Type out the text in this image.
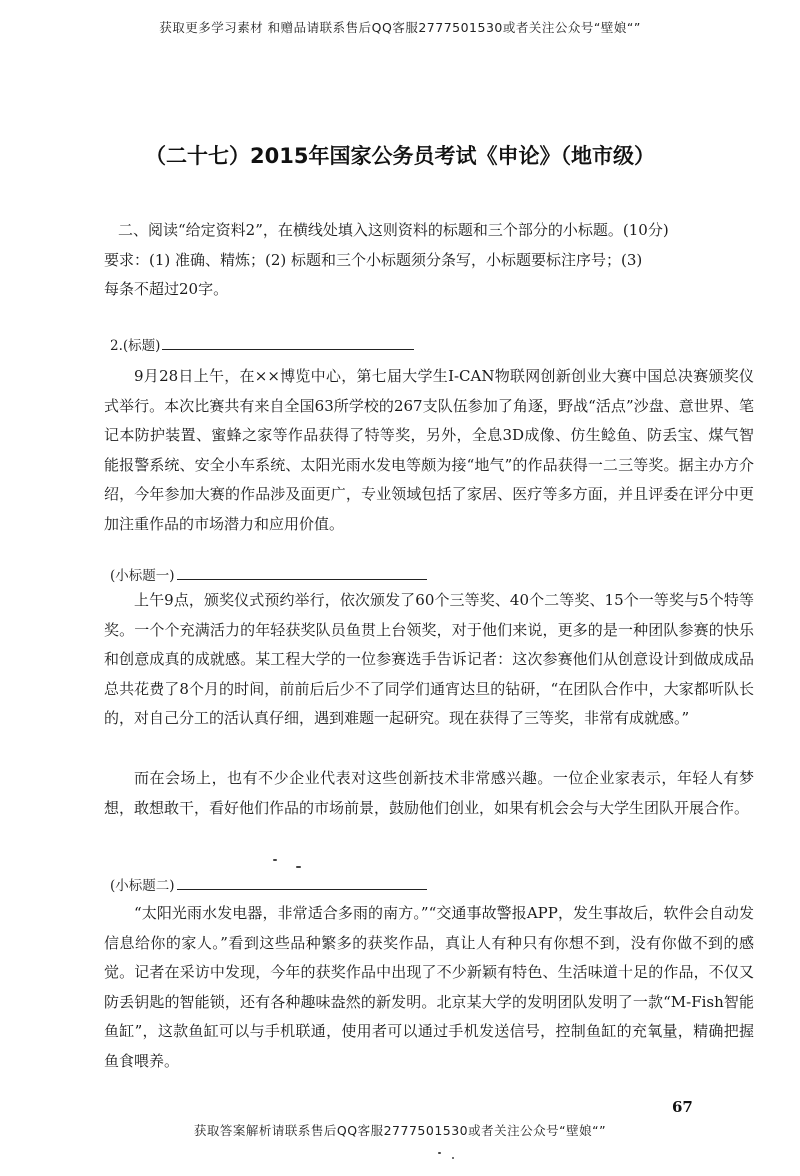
获取更多学习素材 和赠品请联系售后QQ客服2777501530或者关注公众号“壁娘“”
（二十七）2015年国家公务员考试《申论》（地市级）
二、阅读“给定资料2”，在横线处填入这则资料的标题和三个部分的小标题。(10分)
要求：(1) 准确、精炼；(2) 标题和三个小标题须分条写，小标题要标注序号；(3)
每条不超过20字。
2.(标题)
9月28日上午，在××博览中心，第七届大学生I-CAN物联网创新创业大赛中国总决赛颁奖仪式举行。本次比赛共有来自全国63所学校的267支队伍参加了角逐，野战“活点”沙盘、意世界、笔记本防护装置、蜜蜂之家等作品获得了特等奖，另外，全息3D成像、仿生鲶鱼、防丢宝、煤气智能报警系统、安全小车系统、太阳光雨水发电等颇为接“地气”的作品获得一二三等奖。据主办方介绍，今年参加大赛的作品涉及面更广，专业领域包括了家居、医疗等多方面，并且评委在评分中更加注重作品的市场潜力和应用价值。
(小标题一)
上午9点，颁奖仪式预约举行，依次颁发了60个三等奖、40个二等奖、15个一等奖与5个特等奖。一个个充满活力的年轻获奖队员鱼贯上台领奖，对于他们来说，更多的是一种团队参赛的快乐和创意成真的成就感。某工程大学的一位参赛选手告诉记者：这次参赛他们从创意设计到做成成品总共花费了8个月的时间，前前后后少不了同学们通宵达旦的钻研，“在团队合作中，大家都听队长的，对自己分工的活认真仔细，遇到难题一起研究。现在获得了三等奖，非常有成就感。”
而在会场上，也有不少企业代表对这些创新技术非常感兴趣。一位企业家表示，年轻人有梦想，敢想敢干，看好他们作品的市场前景，鼓励他们创业，如果有机会会与大学生团队开展合作。
(小标题二)
“太阳光雨水发电器，非常适合多雨的南方。”“交通事故警报APP，发生事故后，软件会自动发信息给你的家人。”看到这些品种繁多的获奖作品，真让人有种只有你想不到，没有你做不到的感觉。记者在采访中发现，今年的获奖作品中出现了不少新颖有特色、生活味道十足的作品，不仅又防丢钥匙的智能锁，还有各种趣味盎然的新发明。北京某大学的发明团队发明了一款“M-Fish智能鱼缸”，这款鱼缸可以与手机联通，使用者可以通过手机发送信号，控制鱼缸的充氧量，精确把握鱼食喂养。
67
获取答案解析请联系售后QQ客服2777501530或者关注公众号“壁娘“”
